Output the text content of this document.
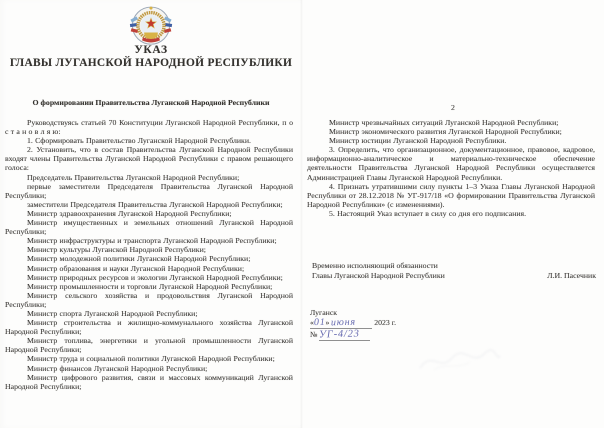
УКАЗ
ГЛАВЫ ЛУГАНСКОЙ НАРОДНОЙ РЕСПУБЛИКИ
О формировании Правительства Луганской Народной Республики

Руководствуясь статьей 70 Конституции Луганской Народной Республики, п о с т а н о в л я ю:

1. Сформировать Правительство Луганской Народной Республики.

2. Установить, что в состав Правительства Луганской Народной Республики входят члены Правительства Луганской Народной Республики с правом решающего голоса:

Председатель Правительства Луганской Народной Республики;

первые заместители Председателя Правительства Луганской Народной Республики;

заместители Председателя Правительства Луганской Народной Республики;

Министр здравоохранения Луганской Народной Республики;

Министр имущественных и земельных отношений Луганской Народной Республики;

Министр инфраструктуры и транспорта Луганской Народной Республики;

Министр культуры Луганской Народной Республики;

Министр молодежной политики Луганской Народной Республики;

Министр образования и науки Луганской Народной Республики;

Министр природных ресурсов и экологии Луганской Народной Республики;

Министр промышленности и торговли Луганской Народной Республики;

Министр сельского хозяйства и продовольствия Луганской Народной Республики;

Министр спорта Луганской Народной Республики;

Министр строительства и жилищно-коммунального хозяйства Луганской Народной Республики;

Министр топлива, энергетики и угольной промышленности Луганской Народной Республики;

Министр труда и социальной политики Луганской Народной Республики;

Министр финансов Луганской Народной Республики;

Министр цифрового развития, связи и массовых коммуникаций Луганской Народной Республики;

2

Министр чрезвычайных ситуаций Луганской Народной Республики;

Министр экономического развития Луганской Народной Республики;

Министр юстиции Луганской Народной Республики.

3. Определить, что организационное, документационное, правовое, кадровое, информационно-аналитическое и материально-техническое обеспечение деятельности Правительства Луганской Народной Республики осуществляется Администрацией Главы Луганской Народной Республики.

4. Признать утратившими силу пункты 1–3 Указа Главы Луганской Народной Республики от 28.12.2018 № УГ-917/18 «О формировании Правительства Луганской Народной Республики» (с изменениями).

5. Настоящий Указ вступает в силу со дня его подписания.

Временно исполняющий обязанности
Главы Луганской Народной Республики	Л.И. Пасечник
Луганск
«01» июня 2023 г.
№ УГ-4/23
